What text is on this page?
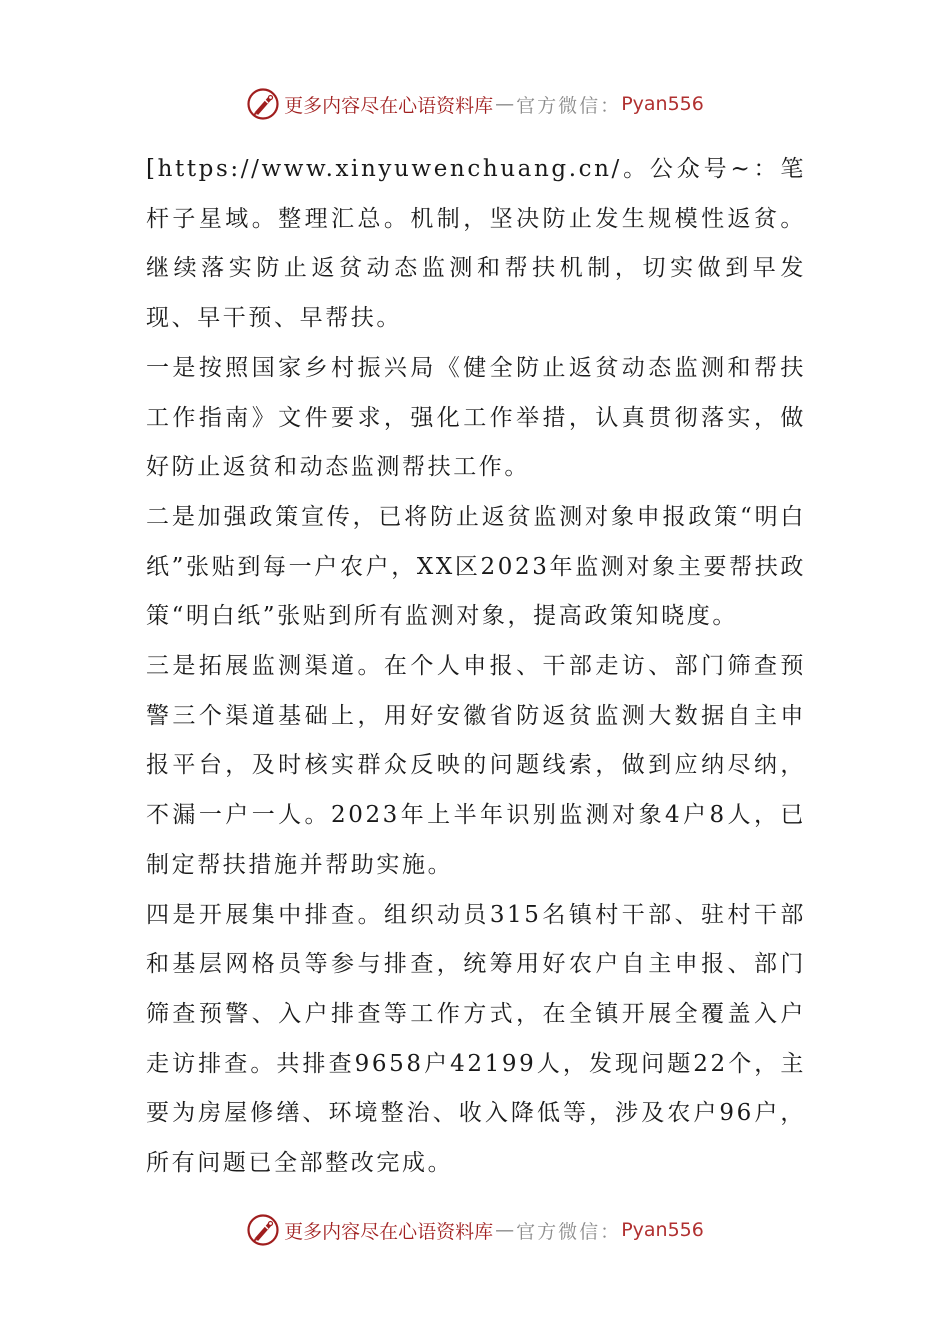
更多内容尽在心语资料库 — 官方微信： Pyan556

[https://www.xinyuwenchuang.cn/。公众号~：笔杆子星域。整理汇总。机制，坚决防止发生规模性返贫。继续落实防止返贫动态监测和帮扶机制，切实做到早发现、早干预、早帮扶。

一是按照国家乡村振兴局《健全防止返贫动态监测和帮扶工作指南》文件要求，强化工作举措，认真贯彻落实，做好防止返贫和动态监测帮扶工作。

二是加强政策宣传，已将防止返贫监测对象申报政策“明白纸”张贴到每一户农户，XX区2023年监测对象主要帮扶政策“明白纸”张贴到所有监测对象，提高政策知晓度。

三是拓展监测渠道。在个人申报、干部走访、部门筛查预警三个渠道基础上，用好安徽省防返贫监测大数据自主申报平台，及时核实群众反映的问题线索，做到应纳尽纳，不漏一户一人。2023年上半年识别监测对象4户8人，已制定帮扶措施并帮助实施。

四是开展集中排查。组织动员315名镇村干部、驻村干部和基层网格员等参与排查，统筹用好农户自主申报、部门筛查预警、入户排查等工作方式，在全镇开展全覆盖入户走访排查。共排查9658户42199人，发现问题22个，主要为房屋修缮、环境整治、收入降低等，涉及农户96户，所有问题已全部整改完成。

更多内容尽在心语资料库 — 官方微信： Pyan556
